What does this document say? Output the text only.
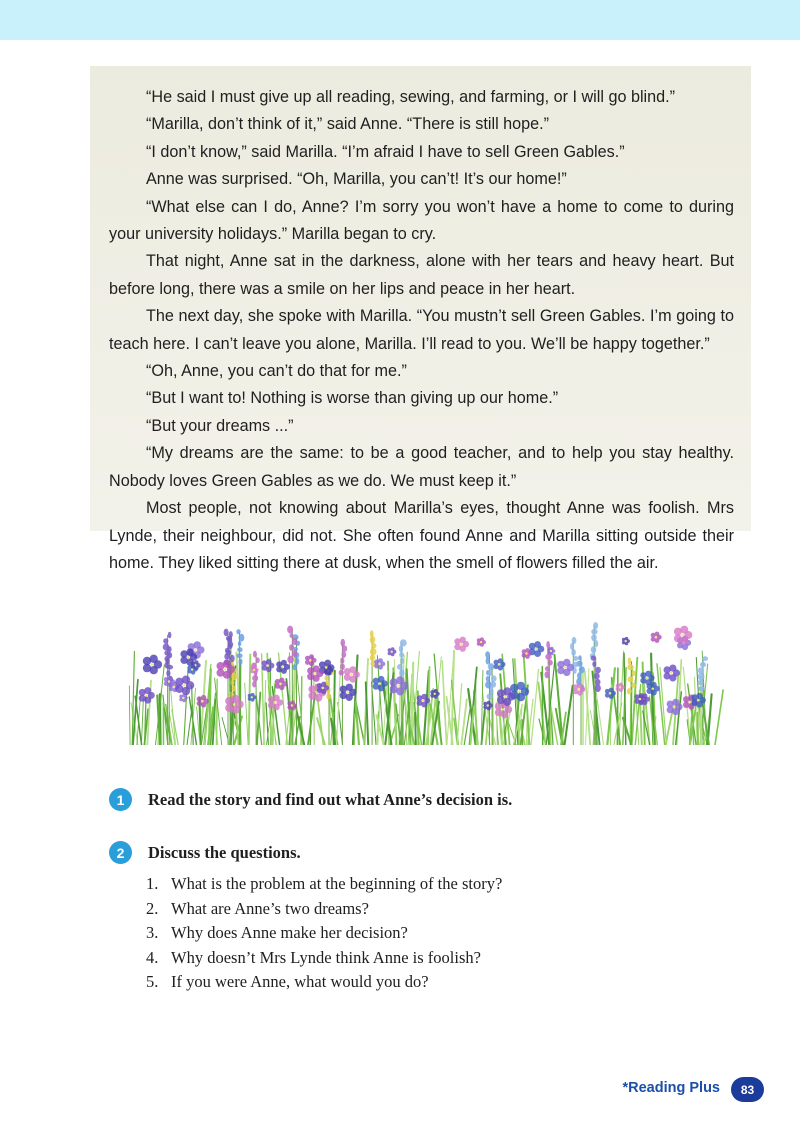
“He said I must give up all reading, sewing, and farming, or I will go blind.”

“Marilla, don’t think of it,” said Anne. “There is still hope.”

“I don’t know,” said Marilla. “I’m afraid I have to sell Green Gables.”

Anne was surprised. “Oh, Marilla, you can’t! It’s our home!”

“What else can I do, Anne? I’m sorry you won’t have a home to come to during your university holidays.” Marilla began to cry.

That night, Anne sat in the darkness, alone with her tears and heavy heart. But before long, there was a smile on her lips and peace in her heart.

The next day, she spoke with Marilla. “You mustn’t sell Green Gables. I’m going to teach here. I can’t leave you alone, Marilla. I’ll read to you. We’ll be happy together.”

“Oh, Anne, you can’t do that for me.”

“But I want to! Nothing is worse than giving up our home.”

“But your dreams ...”

“My dreams are the same: to be a good teacher, and to help you stay healthy. Nobody loves Green Gables as we do. We must keep it.”

Most people, not knowing about Marilla’s eyes, thought Anne was foolish. Mrs Lynde, their neighbour, did not. She often found Anne and Marilla sitting outside their home. They liked sitting there at dusk, when the smell of flowers filled the air.

1	Read the story and find out what Anne’s decision is.
2	Discuss the questions.
1. What is the problem at the beginning of the story?
2. What are Anne’s two dreams?
3. Why does Anne make her decision?
4. Why doesn’t Mrs Lynde think Anne is foolish?
5. If you were Anne, what would you do?
*Reading Plus	83
